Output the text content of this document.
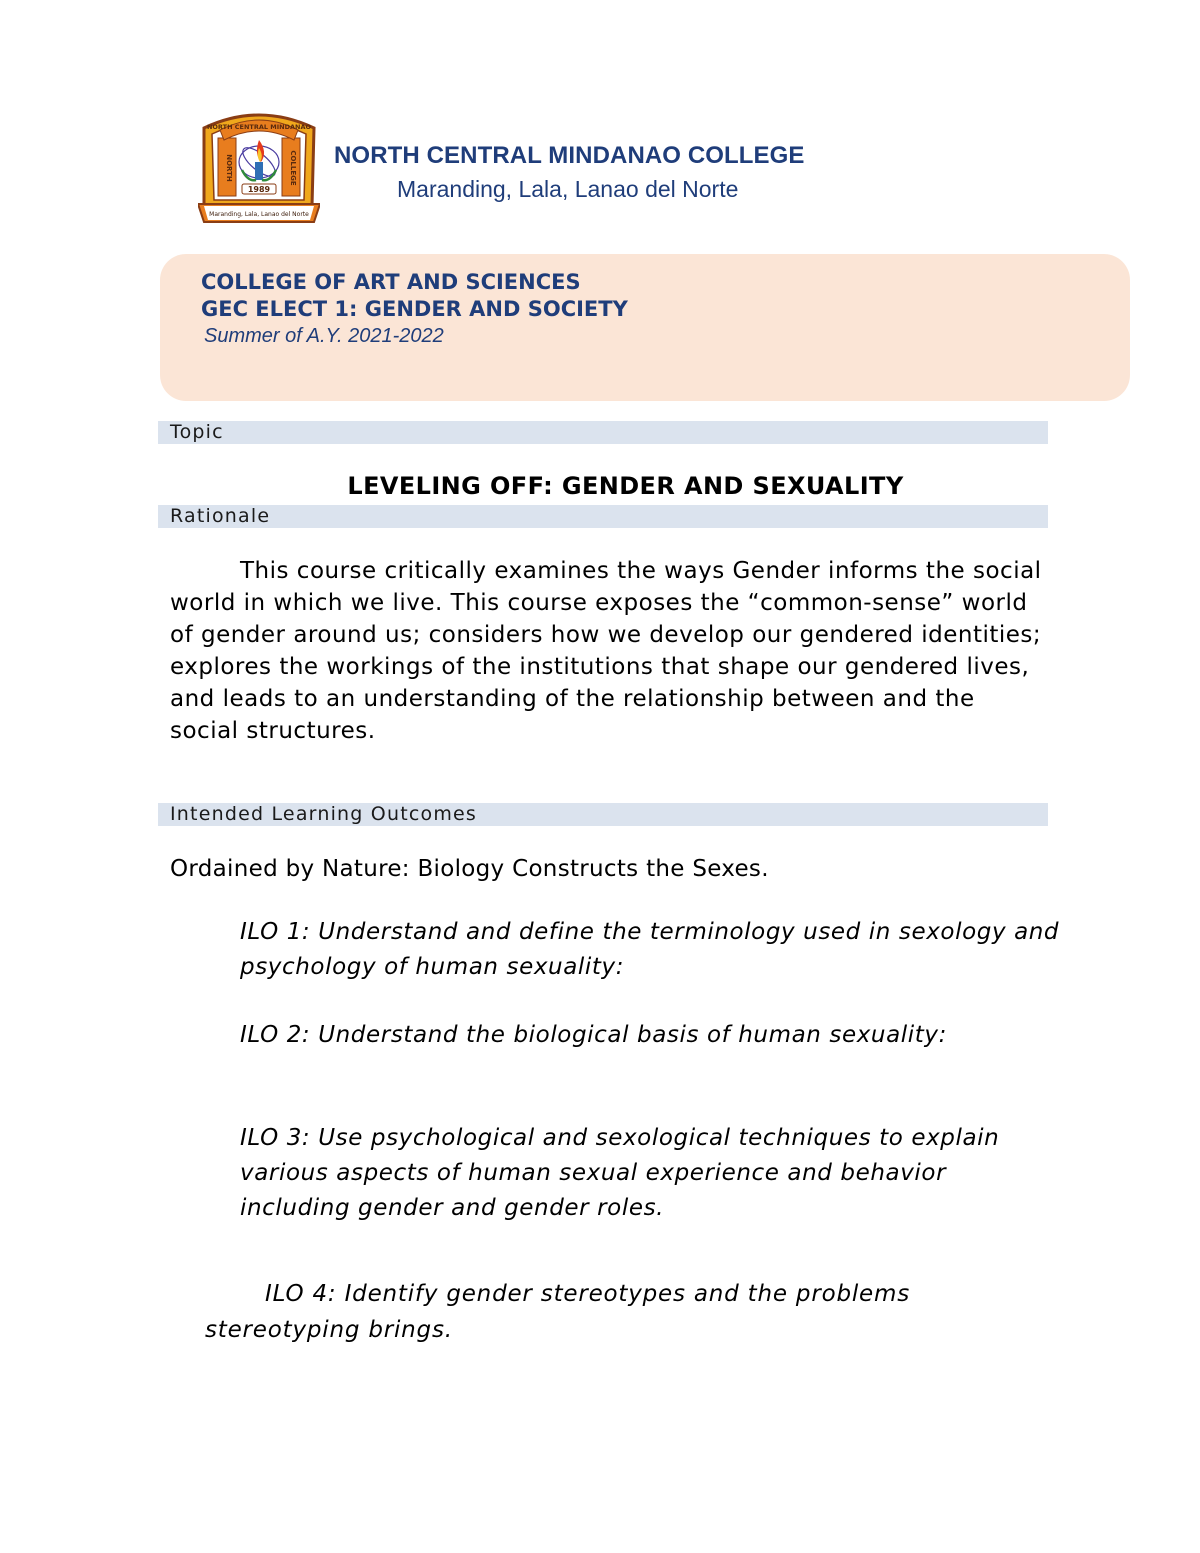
NORTH CENTRAL MINDANAO
NORTH	COLLEGE
1989
Maranding, Lala, Lanao del Norte

NORTH CENTRAL MINDANAO COLLEGE

Maranding, Lala, Lanao del Norte

COLLEGE OF ART AND SCIENCES

GEC ELECT 1: GENDER AND SOCIETY

Summer of A.Y. 2021-2022

Topic

LEVELING OFF: GENDER AND SEXUALITY

Rationale

This course critically examines the ways Gender informs the social world in which we live. This course exposes the “common-sense” world of gender around us; considers how we develop our gendered identities; explores the workings of the institutions that shape our gendered lives, and leads to an understanding of the relationship between and the social structures.

Intended Learning Outcomes

Ordained by Nature: Biology Constructs the Sexes.

ILO 1: Understand and define the terminology used in sexology and psychology of human sexuality:

ILO 2: Understand the biological basis of human sexuality:

ILO 3: Use psychological and sexological techniques to explain various aspects of human sexual experience and behavior including gender and gender roles.

ILO 4: Identify gender stereotypes and the problems stereotyping brings.
